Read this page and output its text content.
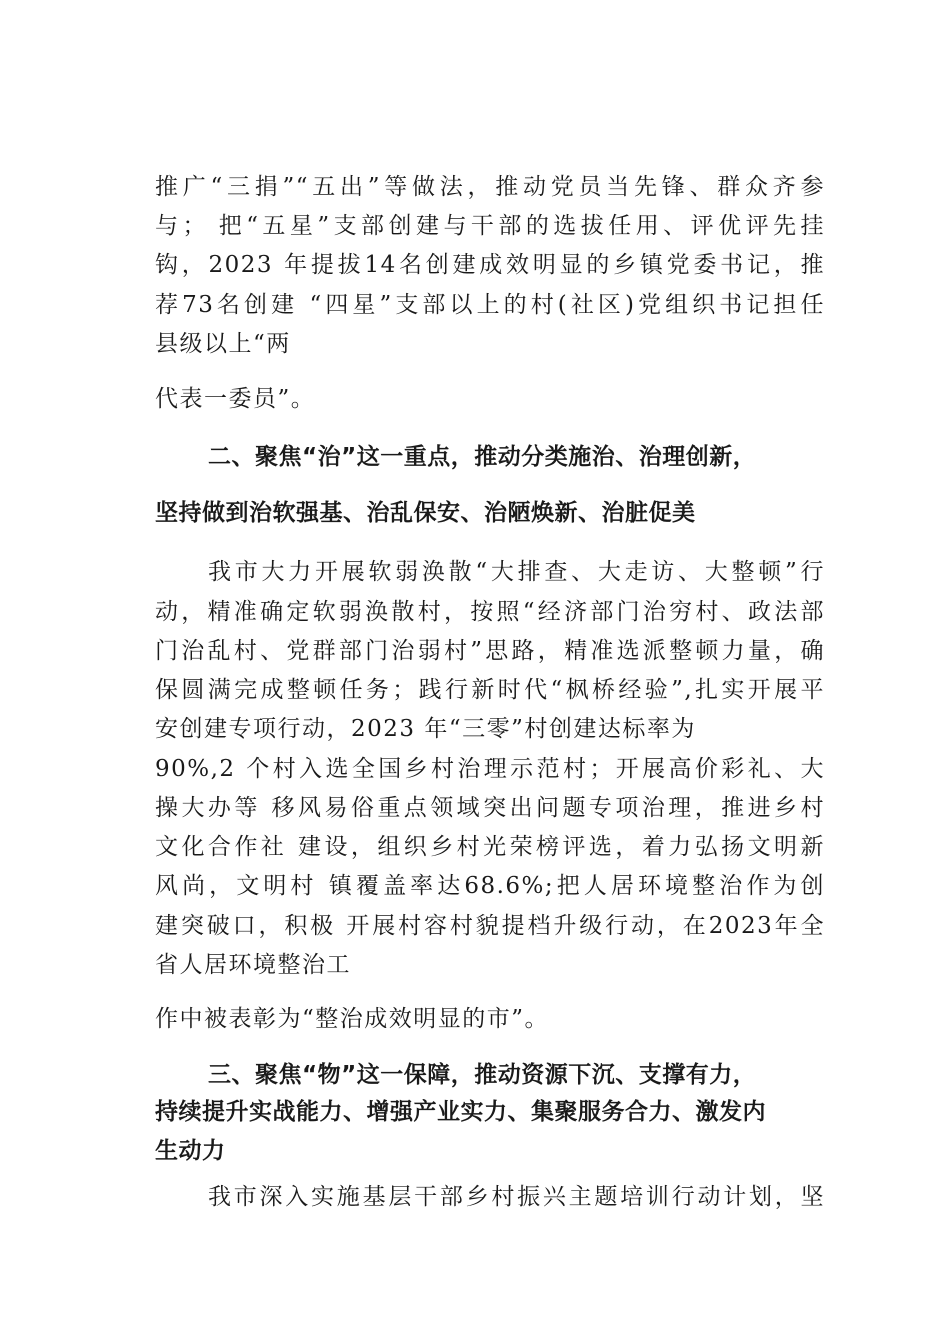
推广“三捐”“五出”等做法，推动党员当先锋、群众齐参
与； 把“五星”支部创建与干部的选拔任用、评优评先挂
钩，2023 年提拔14名创建成效明显的乡镇党委书记，推
荐73名创建 “四星”支部以上的村(社区)党组织书记担任
县级以上“两
代表一委员”。
二、聚焦“治”这一重点，推动分类施治、治理创新，
坚持做到治软强基、治乱保安、治陋焕新、治脏促美
我市大力开展软弱涣散“大排查、大走访、大整顿”行
动，精准确定软弱涣散村，按照“经济部门治穷村、政法部
门治乱村、党群部门治弱村”思路，精准选派整顿力量，确
保圆满完成整顿任务；践行新时代“枫桥经验”,扎实开展平
安创建专项行动，2023 年“三零”村创建达标率为
90%,2 个村入选全国乡村治理示范村；开展高价彩礼、大
操大办等 移风易俗重点领域突出问题专项治理，推进乡村
文化合作社 建设，组织乡村光荣榜评选，着力弘扬文明新
风尚，文明村 镇覆盖率达68.6%;把人居环境整治作为创
建突破口，积极 开展村容村貌提档升级行动，在2023年全
省人居环境整治工
作中被表彰为“整治成效明显的市”。
三、聚焦“物”这一保障，推动资源下沉、支撑有力，
持续提升实战能力、增强产业实力、集聚服务合力、激发内
生动力
我市深入实施基层干部乡村振兴主题培训行动计划，坚
